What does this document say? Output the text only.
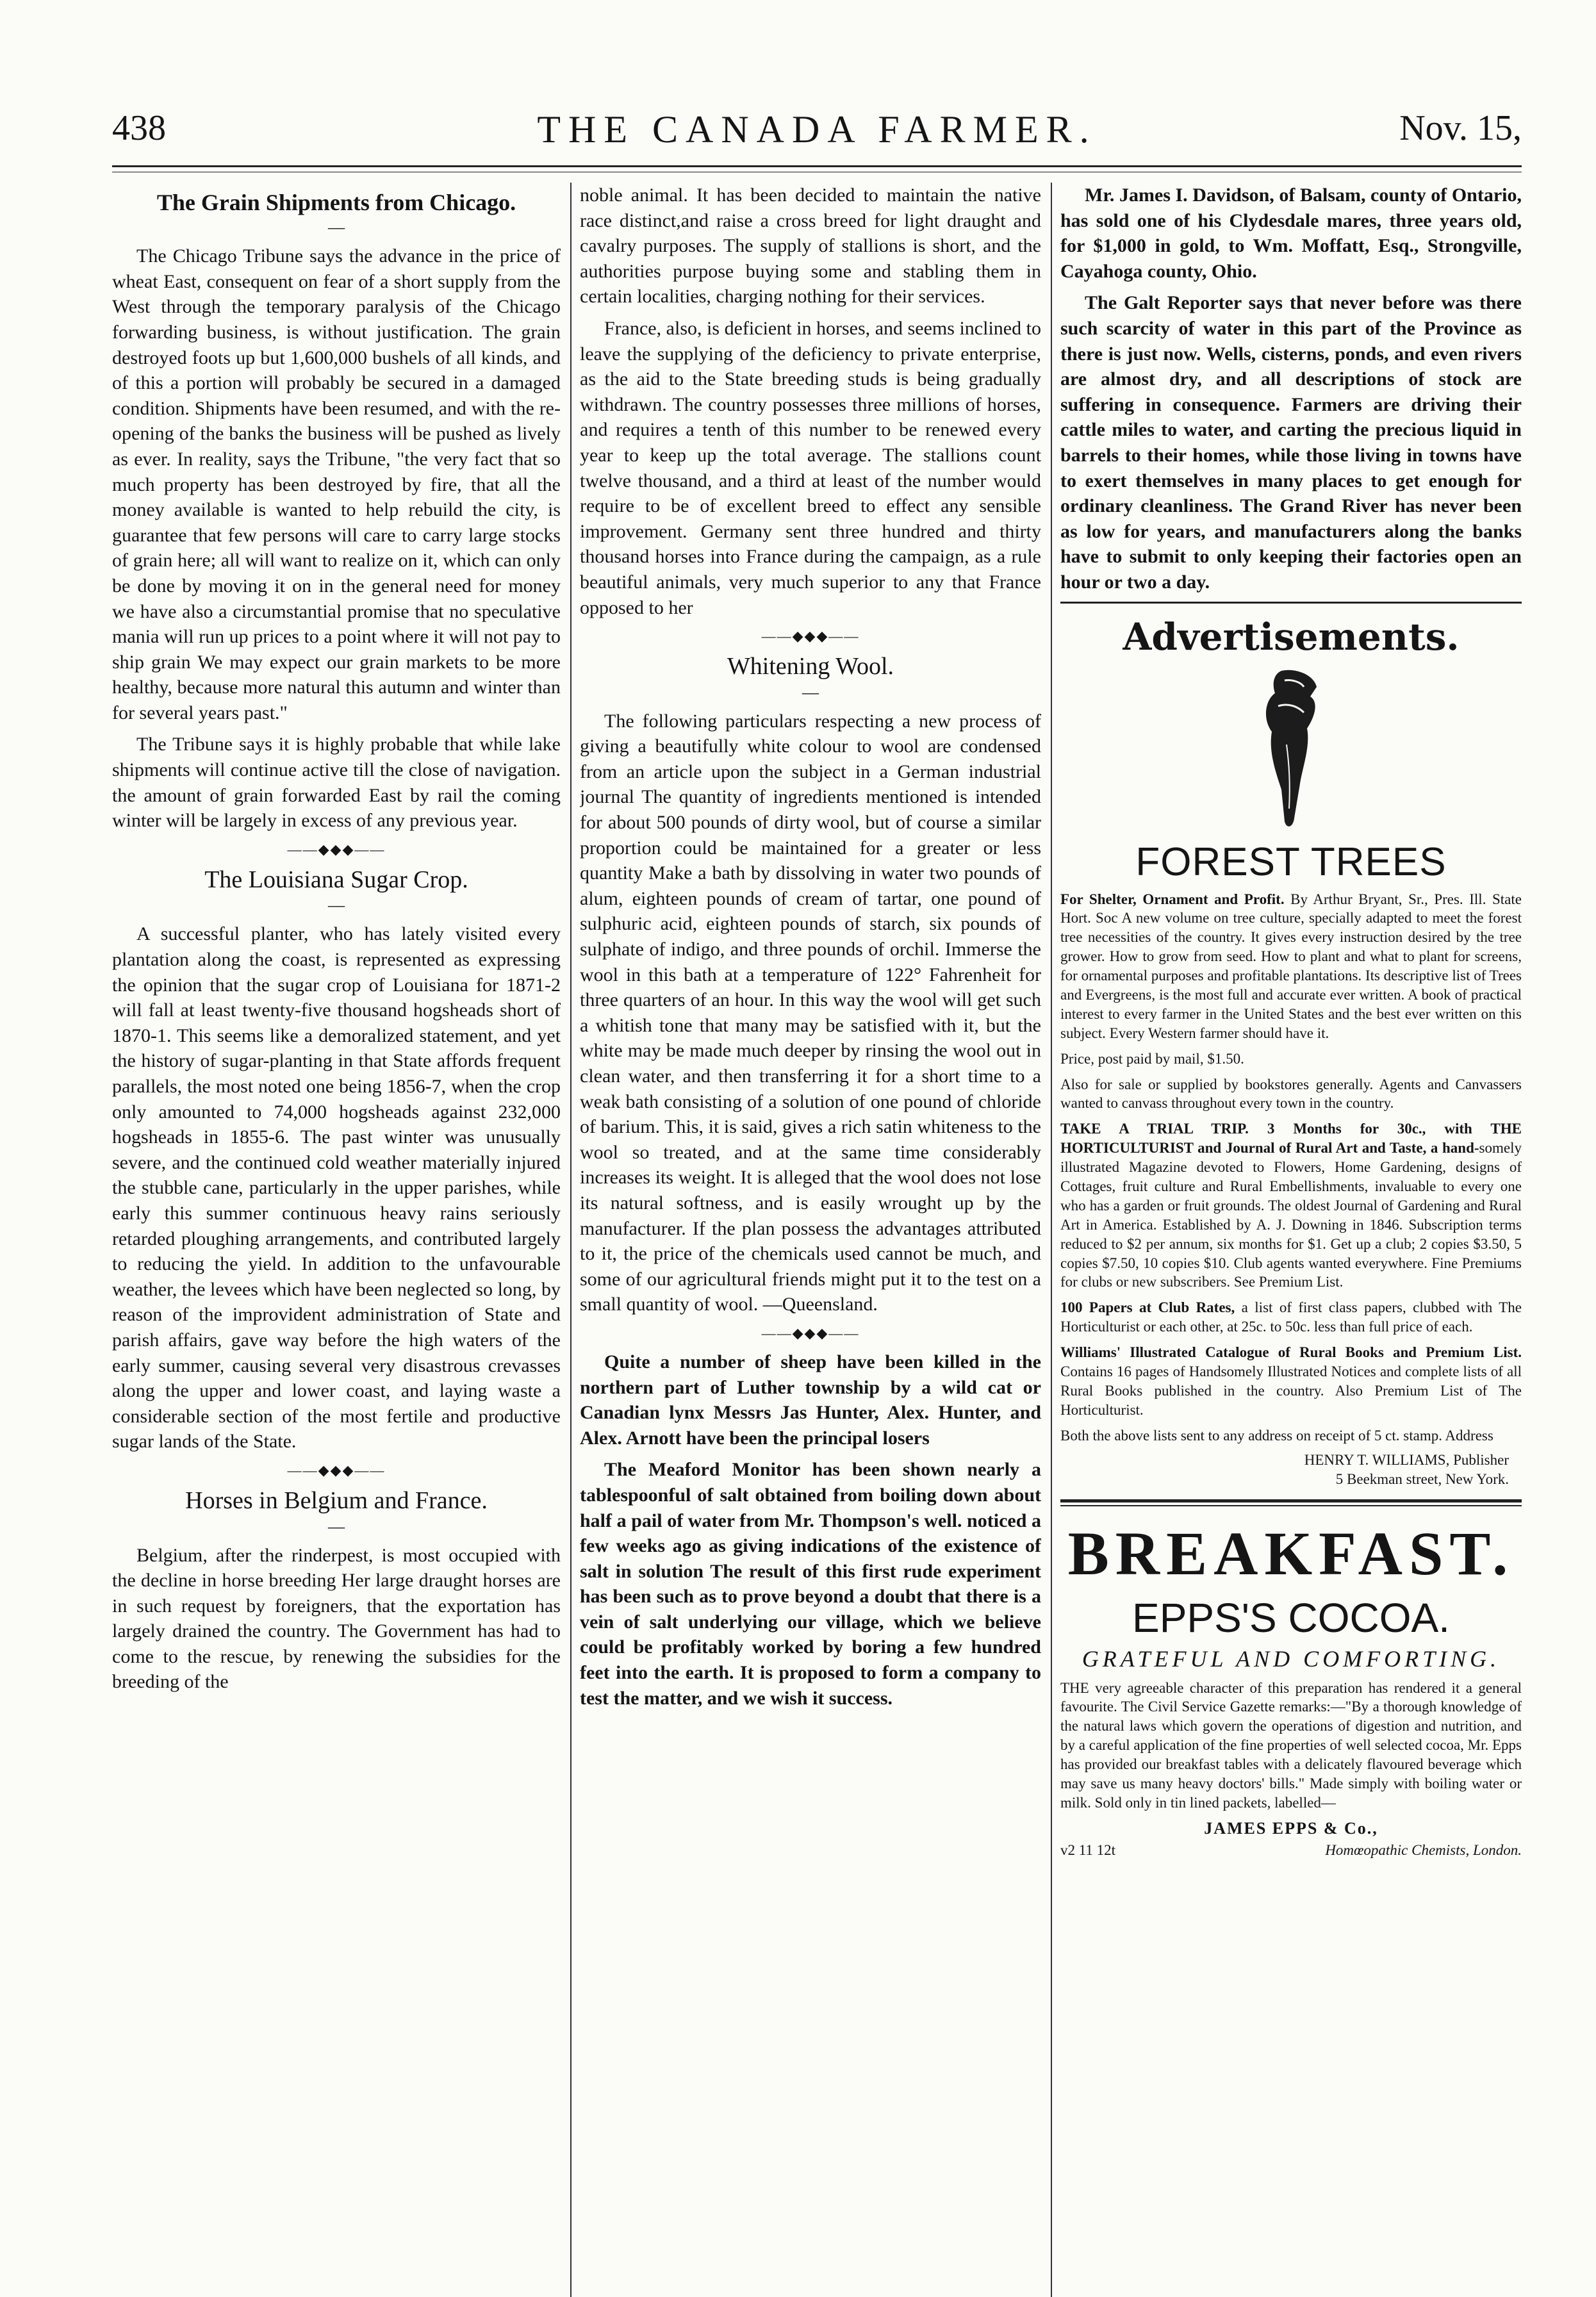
438	THE CANADA FARMER.	Nov. 15,
The Grain Shipments from Chicago.
—

The Chicago Tribune says the advance in the price of wheat East, consequent on fear of a short supply from the West through the temporary paralysis of the Chicago forwarding business, is without justification. The grain destroyed foots up but 1,600,000 bushels of all kinds, and of this a portion will probably be secured in a damaged condition. Shipments have been resumed, and with the re-opening of the banks the business will be pushed as lively as ever. In reality, says the Tribune, "the very fact that so much property has been destroyed by fire, that all the money available is wanted to help rebuild the city, is guarantee that few persons will care to carry large stocks of grain here; all will want to realize on it, which can only be done by moving it on in the general need for money we have also a circumstantial promise that no speculative mania will run up prices to a point where it will not pay to ship grain We may expect our grain markets to be more healthy, because more natural this autumn and winter than for several years past."

The Tribune says it is highly probable that while lake shipments will continue active till the close of navigation. the amount of grain forwarded East by rail the coming winter will be largely in excess of any previous year.

——◆◆◆——
The Louisiana Sugar Crop.
—

A successful planter, who has lately visited every plantation along the coast, is represented as expressing the opinion that the sugar crop of Louisiana for 1871-2 will fall at least twenty-five thousand hogsheads short of 1870-1. This seems like a demoralized statement, and yet the history of sugar-planting in that State affords frequent parallels, the most noted one being 1856-7, when the crop only amounted to 74,000 hogsheads against 232,000 hogsheads in 1855-6. The past winter was unusually severe, and the continued cold weather materially injured the stubble cane, particularly in the upper parishes, while early this summer continuous heavy rains seriously retarded ploughing arrangements, and contributed largely to reducing the yield. In addition to the unfavourable weather, the levees which have been neglected so long, by reason of the improvident administration of State and parish affairs, gave way before the high waters of the early summer, causing several very disastrous crevasses along the upper and lower coast, and laying waste a considerable section of the most fertile and productive sugar lands of the State.

——◆◆◆——
Horses in Belgium and France.
—

Belgium, after the rinderpest, is most occupied with the decline in horse breeding Her large draught horses are in such request by foreigners, that the exportation has largely drained the country. The Government has had to come to the rescue, by renewing the subsidies for the breeding of the

noble animal. It has been decided to maintain the native race distinct,and raise a cross breed for light draught and cavalry purposes. The supply of stallions is short, and the authorities purpose buying some and stabling them in certain localities, charging nothing for their services.

France, also, is deficient in horses, and seems inclined to leave the supplying of the deficiency to private enterprise, as the aid to the State breeding studs is being gradually withdrawn. The country possesses three millions of horses, and requires a tenth of this number to be renewed every year to keep up the total average. The stallions count twelve thousand, and a third at least of the number would require to be of excellent breed to effect any sensible improvement. Germany sent three hundred and thirty thousand horses into France during the campaign, as a rule beautiful animals, very much superior to any that France opposed to her

——◆◆◆——
Whitening Wool.
—

The following particulars respecting a new process of giving a beautifully white colour to wool are condensed from an article upon the subject in a German industrial journal The quantity of ingredients mentioned is intended for about 500 pounds of dirty wool, but of course a similar proportion could be maintained for a greater or less quantity Make a bath by dissolving in water two pounds of alum, eighteen pounds of cream of tartar, one pound of sulphuric acid, eighteen pounds of starch, six pounds of sulphate of indigo, and three pounds of orchil. Immerse the wool in this bath at a temperature of 122° Fahrenheit for three quarters of an hour. In this way the wool will get such a whitish tone that many may be satisfied with it, but the white may be made much deeper by rinsing the wool out in clean water, and then transferring it for a short time to a weak bath consisting of a solution of one pound of chloride of barium. This, it is said, gives a rich satin whiteness to the wool so treated, and at the same time considerably increases its weight. It is alleged that the wool does not lose its natural softness, and is easily wrought up by the manufacturer. If the plan possess the advantages attributed to it, the price of the chemicals used cannot be much, and some of our agricultural friends might put it to the test on a small quantity of wool. —Queensland.

——◆◆◆——

Quite a number of sheep have been killed in the northern part of Luther township by a wild cat or Canadian lynx Messrs Jas Hunter, Alex. Hunter, and Alex. Arnott have been the principal losers

The Meaford Monitor has been shown nearly a tablespoonful of salt obtained from boiling down about half a pail of water from Mr. Thompson's well. noticed a few weeks ago as giving indications of the existence of salt in solution The result of this first rude experiment has been such as to prove beyond a doubt that there is a vein of salt underlying our village, which we believe could be profitably worked by boring a few hundred feet into the earth. It is proposed to form a company to test the matter, and we wish it success.

Mr. James I. Davidson, of Balsam, county of Ontario, has sold one of his Clydesdale mares, three years old, for $1,000 in gold, to Wm. Moffatt, Esq., Strongville, Cayahoga county, Ohio.

The Galt Reporter says that never before was there such scarcity of water in this part of the Province as there is just now. Wells, cisterns, ponds, and even rivers are almost dry, and all descriptions of stock are suffering in consequence. Farmers are driving their cattle miles to water, and carting the precious liquid in barrels to their homes, while those living in towns have to exert themselves in many places to get enough for ordinary cleanliness. The Grand River has never been as low for years, and manufacturers along the banks have to submit to only keeping their factories open an hour or two a day.

Advertisements.
FOREST TREES

For Shelter, Ornament and Profit. By Arthur Bryant, Sr., Pres. Ill. State Hort. Soc A new volume on tree culture, specially adapted to meet the forest tree necessities of the country. It gives every instruction desired by the tree grower. How to grow from seed. How to plant and what to plant for screens, for ornamental purposes and profitable plantations. Its descriptive list of Trees and Evergreens, is the most full and accurate ever written. A book of practical interest to every farmer in the United States and the best ever written on this subject. Every Western farmer should have it.

Price, post paid by mail, $1.50.

Also for sale or supplied by bookstores generally. Agents and Canvassers wanted to canvass throughout every town in the country.

TAKE A TRIAL TRIP. 3 Months for 30c., with THE HORTICULTURIST and Journal of Rural Art and Taste, a hand-somely illustrated Magazine devoted to Flowers, Home Gardening, designs of Cottages, fruit culture and Rural Embellishments, invaluable to every one who has a garden or fruit grounds. The oldest Journal of Gardening and Rural Art in America. Established by A. J. Downing in 1846. Subscription terms reduced to $2 per annum, six months for $1. Get up a club; 2 copies $3.50, 5 copies $7.50, 10 copies $10. Club agents wanted everywhere. Fine Premiums for clubs or new subscribers. See Premium List.

100 Papers at Club Rates, a list of first class papers, clubbed with The Horticulturist or each other, at 25c. to 50c. less than full price of each.

Williams' Illustrated Catalogue of Rural Books and Premium List. Contains 16 pages of Handsomely Illustrated Notices and complete lists of all Rural Books published in the country. Also Premium List of The Horticulturist.

Both the above lists sent to any address on receipt of 5 ct. stamp. Address

HENRY T. WILLIAMS, Publisher
5 Beekman street, New York.
BREAKFAST.
EPPS'S COCOA.
GRATEFUL AND COMFORTING.

THE very agreeable character of this preparation has rendered it a general favourite. The Civil Service Gazette remarks:—"By a thorough knowledge of the natural laws which govern the operations of digestion and nutrition, and by a careful application of the fine properties of well selected cocoa, Mr. Epps has provided our breakfast tables with a delicately flavoured beverage which may save us many heavy doctors' bills." Made simply with boiling water or milk. Sold only in tin lined packets, labelled—

JAMES EPPS & Co.,
v2 11 12t	Homœopathic Chemists, London.
